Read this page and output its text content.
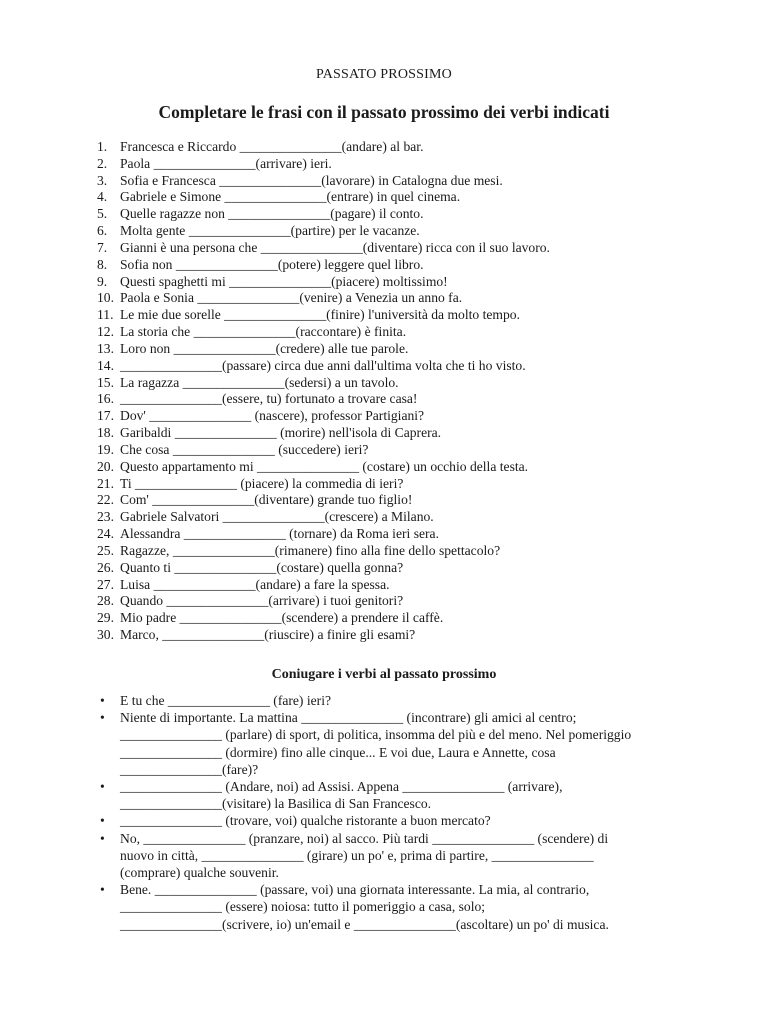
PASSATO PROSSIMO
Completare le frasi con il passato prossimo dei verbi indicati
1. Francesca e Riccardo _______________(andare) al bar.
2. Paola _______________(arrivare) ieri.
3. Sofia e Francesca _______________(lavorare) in Catalogna due mesi.
4. Gabriele e Simone _______________(entrare) in quel cinema.
5. Quelle ragazze non _______________(pagare) il conto.
6. Molta gente _______________(partire) per le vacanze.
7. Gianni è una persona che _______________(diventare) ricca con il suo lavoro.
8. Sofia non _______________(potere) leggere quel libro.
9. Questi spaghetti mi _______________(piacere) moltissimo!
10. Paola e Sonia _______________(venire) a Venezia un anno fa.
11. Le mie due sorelle _______________(finire) l'università da molto tempo.
12. La storia che _______________(raccontare) è finita.
13. Loro non _______________(credere) alle tue parole.
14. _______________(passare) circa due anni dall'ultima volta che ti ho visto.
15. La ragazza _______________(sedersi) a un tavolo.
16. _______________(essere, tu) fortunato a trovare casa!
17. Dov' _______________ (nascere), professor Partigiani?
18. Garibaldi _______________ (morire) nell'isola di Caprera.
19. Che cosa _______________ (succedere) ieri?
20. Questo appartamento mi _______________ (costare) un occhio della testa.
21. Ti _______________ (piacere) la commedia di ieri?
22. Com' _______________(diventare) grande tuo figlio!
23. Gabriele Salvatori _______________(crescere) a Milano.
24. Alessandra _______________ (tornare) da Roma ieri sera.
25. Ragazze, _______________(rimanere) fino alla fine dello spettacolo?
26. Quanto ti _______________(costare) quella gonna?
27. Luisa _______________(andare) a fare la spessa.
28. Quando _______________(arrivare) i tuoi genitori?
29. Mio padre _______________(scendere) a prendere il caffè.
30. Marco, _______________(riuscire) a finire gli esami?
Coniugare i verbi al passato prossimo
•	E tu che _______________ (fare) ieri?
•	Niente di importante. La mattina _______________ (incontrare) gli amici al centro;
_______________ (parlare) di sport, di politica, insomma del più e del meno. Nel pomeriggio
_______________ (dormire) fino alle cinque... E voi due, Laura e Annette, cosa
_______________(fare)?
•	_______________ (Andare, noi) ad Assisi. Appena _______________ (arrivare),
_______________(visitare) la Basilica di San Francesco.
•	_______________ (trovare, voi) qualche ristorante a buon mercato?
•	No, _______________ (pranzare, noi) al sacco. Più tardi _______________ (scendere) di
nuovo in città, _______________ (girare) un po' e, prima di partire, _______________
(comprare) qualche souvenir.
•	Bene. _______________ (passare, voi) una giornata interessante. La mia, al contrario,
_______________ (essere) noiosa: tutto il pomeriggio a casa, solo;
_______________(scrivere, io) un'email e _______________(ascoltare) un po' di musica.
